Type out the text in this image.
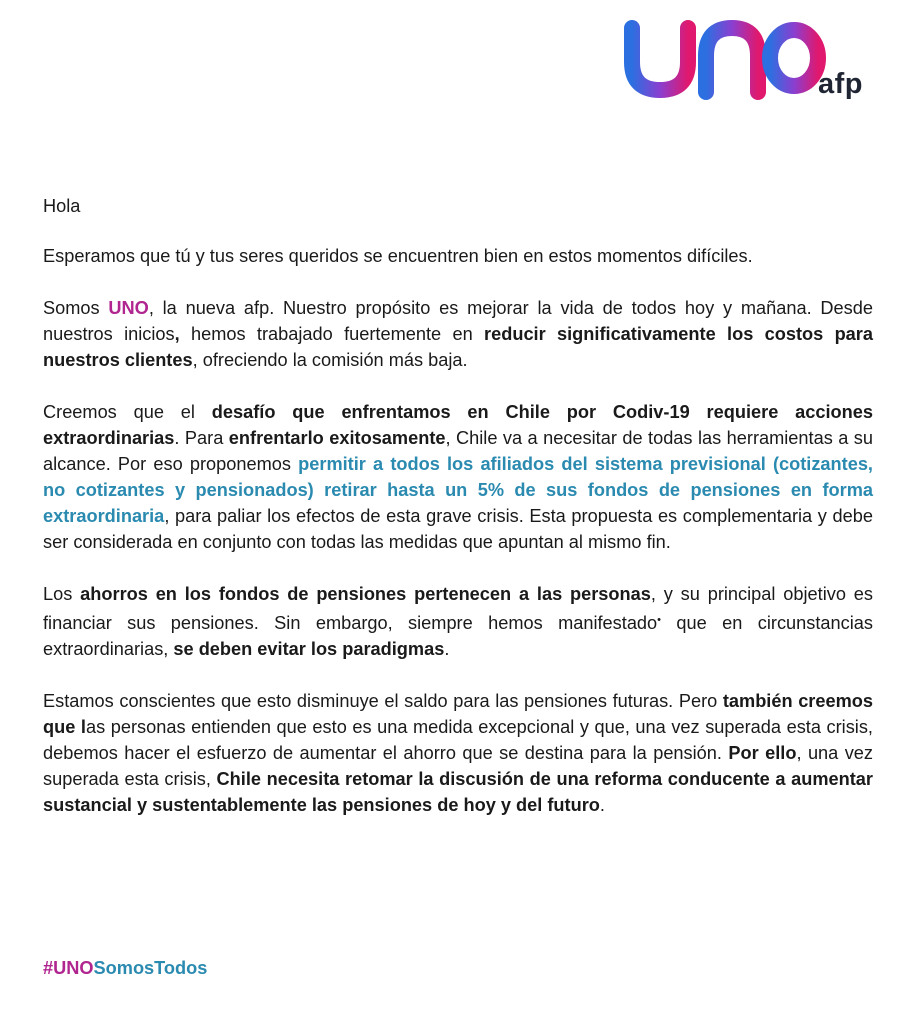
afp

Hola

Esperamos que tú y tus seres queridos se encuentren bien en estos momentos difíciles.

Somos UNO, la nueva afp. Nuestro propósito es mejorar la vida de todos hoy y mañana. Desde nuestros inicios, hemos trabajado fuertemente en reducir significativamente los costos para nuestros clientes, ofreciendo la comisión más baja.

Creemos que el desafío que enfrentamos en Chile por Codiv-19 requiere acciones extraordinarias. Para enfrentarlo exitosamente, Chile va a necesitar de todas las herramientas a su alcance. Por eso proponemos permitir a todos los afiliados del sistema previsional (cotizantes, no cotizantes y pensionados) retirar hasta un 5% de sus fondos de pensiones en forma extraordinaria, para paliar los efectos de esta grave crisis. Esta propuesta es complementaria y debe ser considerada en conjunto con todas las medidas que apuntan al mismo fin.

Los ahorros en los fondos de pensiones pertenecen a las personas, y su principal objetivo es financiar sus pensiones. Sin embargo, siempre hemos manifestado• que en circunstancias extraordinarias, se deben evitar los paradigmas.

Estamos conscientes que esto disminuye el saldo para las pensiones futuras. Pero también creemos que las personas entienden que esto es una medida excepcional y que, una vez superada esta crisis, debemos hacer el esfuerzo de aumentar el ahorro que se destina para la pensión. Por ello, una vez superada esta crisis, Chile necesita retomar la discusión de una reforma conducente a aumentar sustancial y sustentablemente las pensiones de hoy y del futuro.

#UNOSomosTodos
